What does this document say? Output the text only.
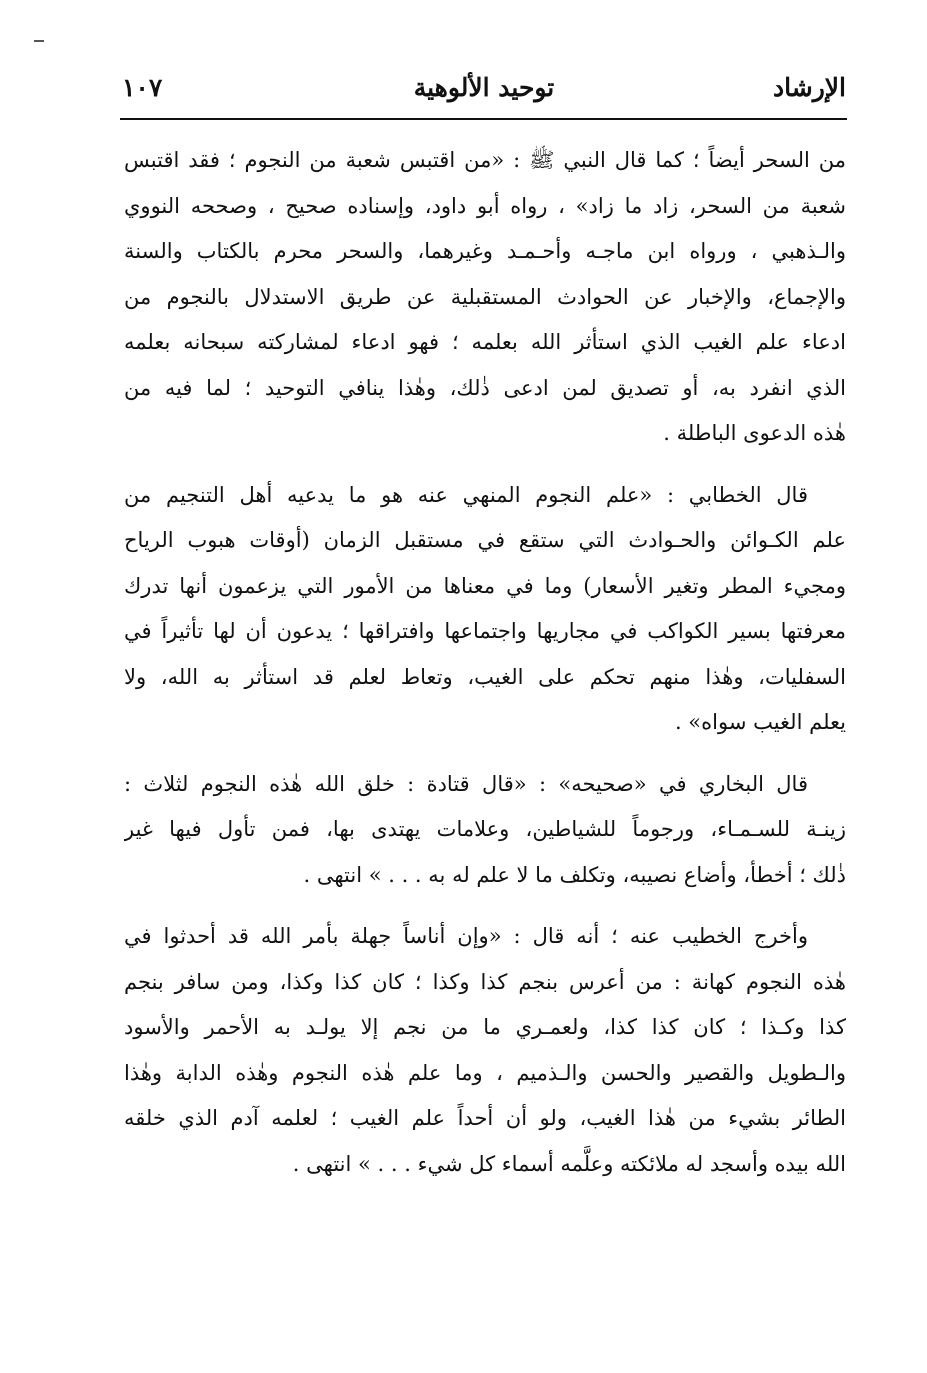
الإرشاد
توحيد الألوهية
١٠٧

من السحر أيضاً ؛ كما قال النبي ﷺ : «من اقتبس شعبة من النجوم ؛ فقد اقتبس
شعبة من السحر، زاد ما زاد» ، رواه أبو داود، وإسناده صحيح ، وصححه النووي
والـذهبي ، ورواه ابن ماجـه وأحـمـد وغيرهما، والسحر محرم بالكتاب والسنة
والإجماع، والإخبار عن الحوادث المستقبلية عن طريق الاستدلال بالنجوم من
ادعاء علم الغيب الذي استأثر الله بعلمه ؛ فهو ادعاء لمشاركته سبحانه بعلمه
الذي انفرد به، أو تصديق لمن ادعى ذٰلك، وهٰذا ينافي التوحيد ؛ لما فيه من
هٰذه الدعوى الباطلة .

قال الخطابي : «علم النجوم المنهي عنه هو ما يدعيه أهل التنجيم من
علم الكـوائن والحـوادث التي ستقع في مستقبل الزمان (أوقات هبوب الرياح
ومجيء المطر وتغير الأسعار) وما في معناها من الأمور التي يزعمون أنها تدرك
معرفتها بسير الكواكب في مجاريها واجتماعها وافتراقها ؛ يدعون أن لها تأثيراً في
السفليات، وهٰذا منهم تحكم على الغيب، وتعاط لعلم قد استأثر به الله، ولا
يعلم الغيب سواه» .

قال البخاري في «صحيحه» : «قال قتادة : خلق الله هٰذه النجوم لثلاث :
زينـة للسـمـاء، ورجوماً للشياطين، وعلامات يهتدى بها، فمن تأول فيها غير
ذٰلك ؛ أخطأ، وأضاع نصيبه، وتكلف ما لا علم له به . . . » انتهى .

وأخرج الخطيب عنه ؛ أنه قال : «وإن أناساً جهلة بأمر الله قد أحدثوا في
هٰذه النجوم كهانة : من أعرس بنجم كذا وكذا ؛ كان كذا وكذا، ومن سافر بنجم
كذا وكـذا ؛ كان كذا كذا، ولعمـري ما من نجم إلا يولـد به الأحمر والأسود
والـطويل والقصير والحسن والـذميم ، وما علم هٰذه النجوم وهٰذه الدابة وهٰذا
الطائر بشيء من هٰذا الغيب، ولو أن أحداً علم الغيب ؛ لعلمه آدم الذي خلقه
الله بيده وأسجد له ملائكته وعلَّمه أسماء كل شيء . . . » انتهى .
